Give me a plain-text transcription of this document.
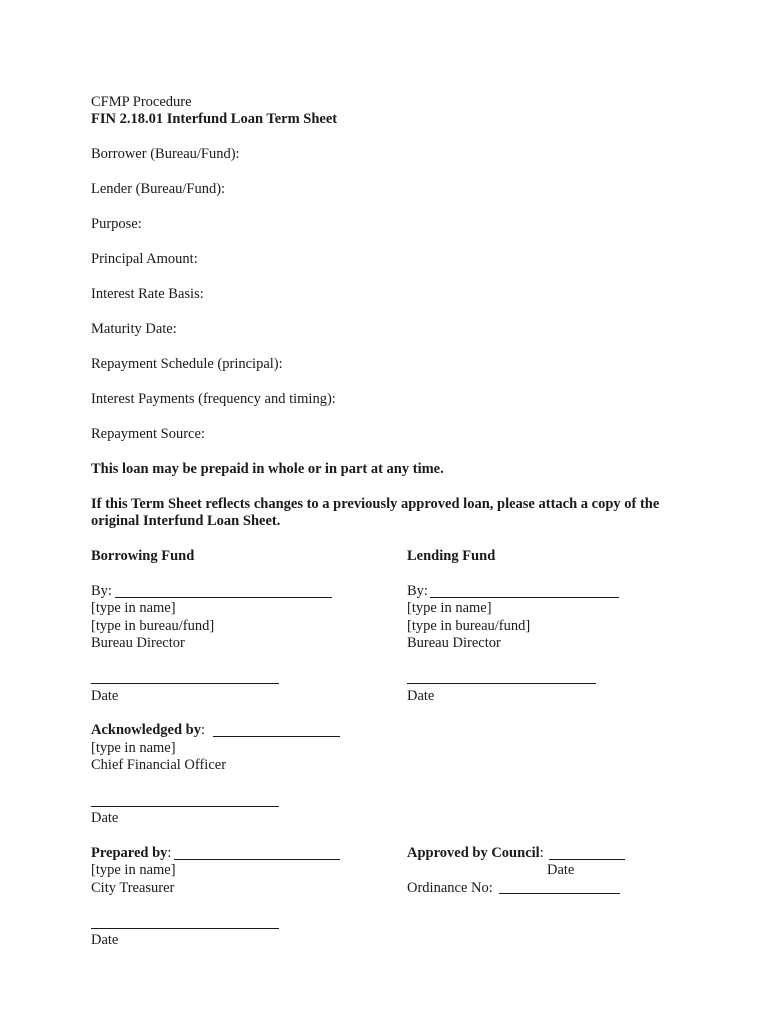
CFMP Procedure
FIN 2.18.01 Interfund Loan Term Sheet
Borrower (Bureau/Fund):
Lender (Bureau/Fund):
Purpose:
Principal Amount:
Interest Rate Basis:
Maturity Date:
Repayment Schedule (principal):
Interest Payments (frequency and timing):
Repayment Source:
This loan may be prepaid in whole or in part at any time.
If this Term Sheet reflects changes to a previously approved loan, please attach a copy of the
original Interfund Loan Sheet.
Borrowing Fund
By:
[type in name]
[type in bureau/fund]
Bureau Director
Date
Lending Fund
By:
[type in name]
[type in bureau/fund]
Bureau Director
Date
Acknowledged by:
[type in name]
Chief Financial Officer
Date
Prepared by:
[type in name]
City Treasurer
Date
Approved by Council:
Date
Ordinance No:
